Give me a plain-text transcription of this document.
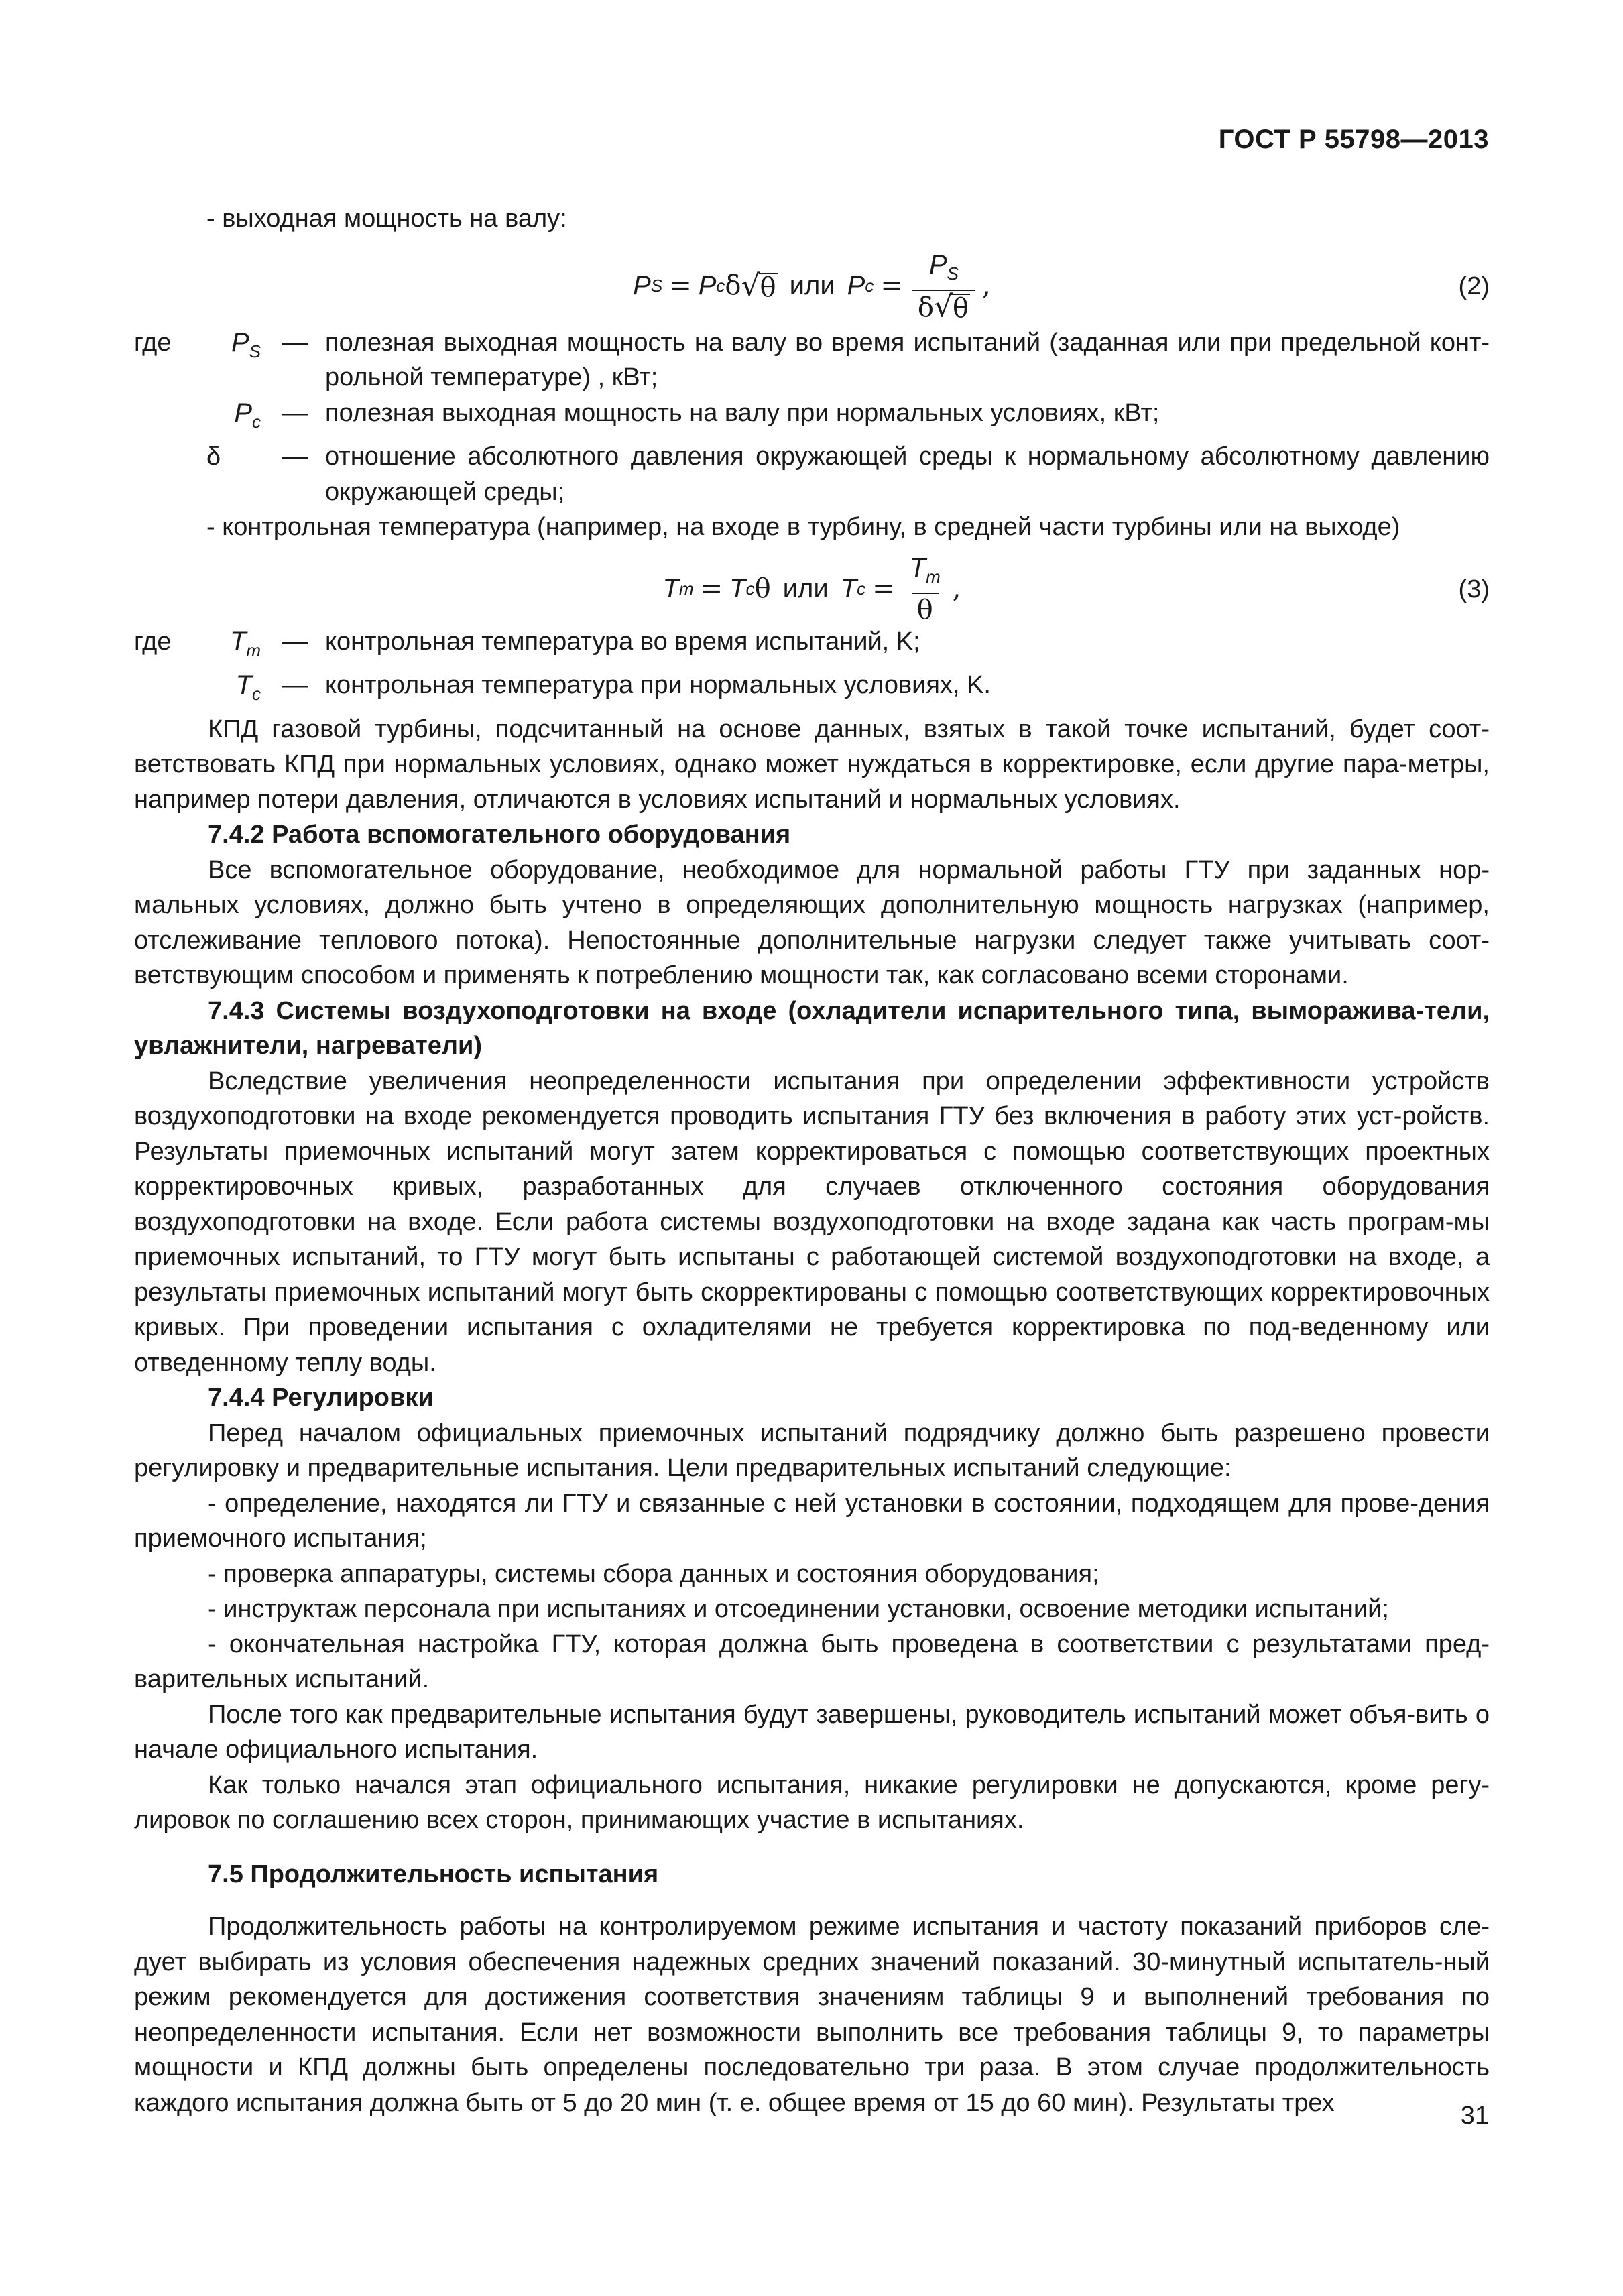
ГОСТ Р 55798—2013

- выходная мощность на валу:

P S = P c δ √ θ или P $c = \frac{P_S}{\delta √ \theta}$ ,	(2)
где	$P_S$ — полезная выходная мощность на валу во время испытаний (заданная или при предельной конт-рольной температуре) , кВт;
$P_c$ — полезная выходная мощность на валу при нормальных условиях, кВт;
δ	— отношение абсолютного давления окружающей среды к нормальному абсолютному давлению окружающей среды;

- контрольная температура (например, на входе в турбину, в средней части турбины или на выходе)

T m = T c θ или T $c = \frac{T_m}{\theta}$ ,	(3)
где	$T_m$ — контрольная температура во время испытаний, K;
$T_c$ — контрольная температура при нормальных условиях, K.

КПД газовой турбины, подсчитанный на основе данных, взятых в такой точке испытаний, будет соот-ветствовать КПД при нормальных условиях, однако может нуждаться в корректировке, если другие пара-метры, например потери давления, отличаются в условиях испытаний и нормальных условиях.

7.4.2 Работа вспомогательного оборудования

Все вспомогательное оборудование, необходимое для нормальной работы ГТУ при заданных нор-мальных условиях, должно быть учтено в определяющих дополнительную мощность нагрузках (например, отслеживание теплового потока). Непостоянные дополнительные нагрузки следует также учитывать соот-ветствующим способом и применять к потреблению мощности так, как согласовано всеми сторонами.

7.4.3 Системы воздухоподготовки на входе (охладители испарительного типа, выморажива-тели, увлажнители, нагреватели)

Вследствие увеличения неопределенности испытания при определении эффективности устройств воздухоподготовки на входе рекомендуется проводить испытания ГТУ без включения в работу этих уст-ройств. Результаты приемочных испытаний могут затем корректироваться с помощью соответствующих проектных корректировочных кривых, разработанных для случаев отключенного состояния оборудования воздухоподготовки на входе. Если работа системы воздухоподготовки на входе задана как часть програм-мы приемочных испытаний, то ГТУ могут быть испытаны с работающей системой воздухоподготовки на входе, а результаты приемочных испытаний могут быть скорректированы с помощью соответствующих корректировочных кривых. При проведении испытания с охладителями не требуется корректировка по под-веденному или отведенному теплу воды.

7.4.4 Регулировки

Перед началом официальных приемочных испытаний подрядчику должно быть разрешено провести регулировку и предварительные испытания. Цели предварительных испытаний следующие:

- определение, находятся ли ГТУ и связанные с ней установки в состоянии, подходящем для прове-дения приемочного испытания;

- проверка аппаратуры, системы сбора данных и состояния оборудования;

- инструктаж персонала при испытаниях и отсоединении установки, освоение методики испытаний;

- окончательная настройка ГТУ, которая должна быть проведена в соответствии с результатами пред-варительных испытаний.

После того как предварительные испытания будут завершены, руководитель испытаний может объя-вить о начале официального испытания.

Как только начался этап официального испытания, никакие регулировки не допускаются, кроме регу-лировок по соглашению всех сторон, принимающих участие в испытаниях.

7.5 Продолжительность испытания

Продолжительность работы на контролируемом режиме испытания и частоту показаний приборов сле-дует выбирать из условия обеспечения надежных средних значений показаний. 30-минутный испытатель-ный режим рекомендуется для достижения соответствия значениям таблицы 9 и выполнений требования по неопределенности испытания. Если нет возможности выполнить все требования таблицы 9, то параметры мощности и КПД должны быть определены последовательно три раза. В этом случае продолжительность каждого испытания должна быть от 5 до 20 мин (т. е. общее время от 15 до 60 мин). Результаты трех	31
